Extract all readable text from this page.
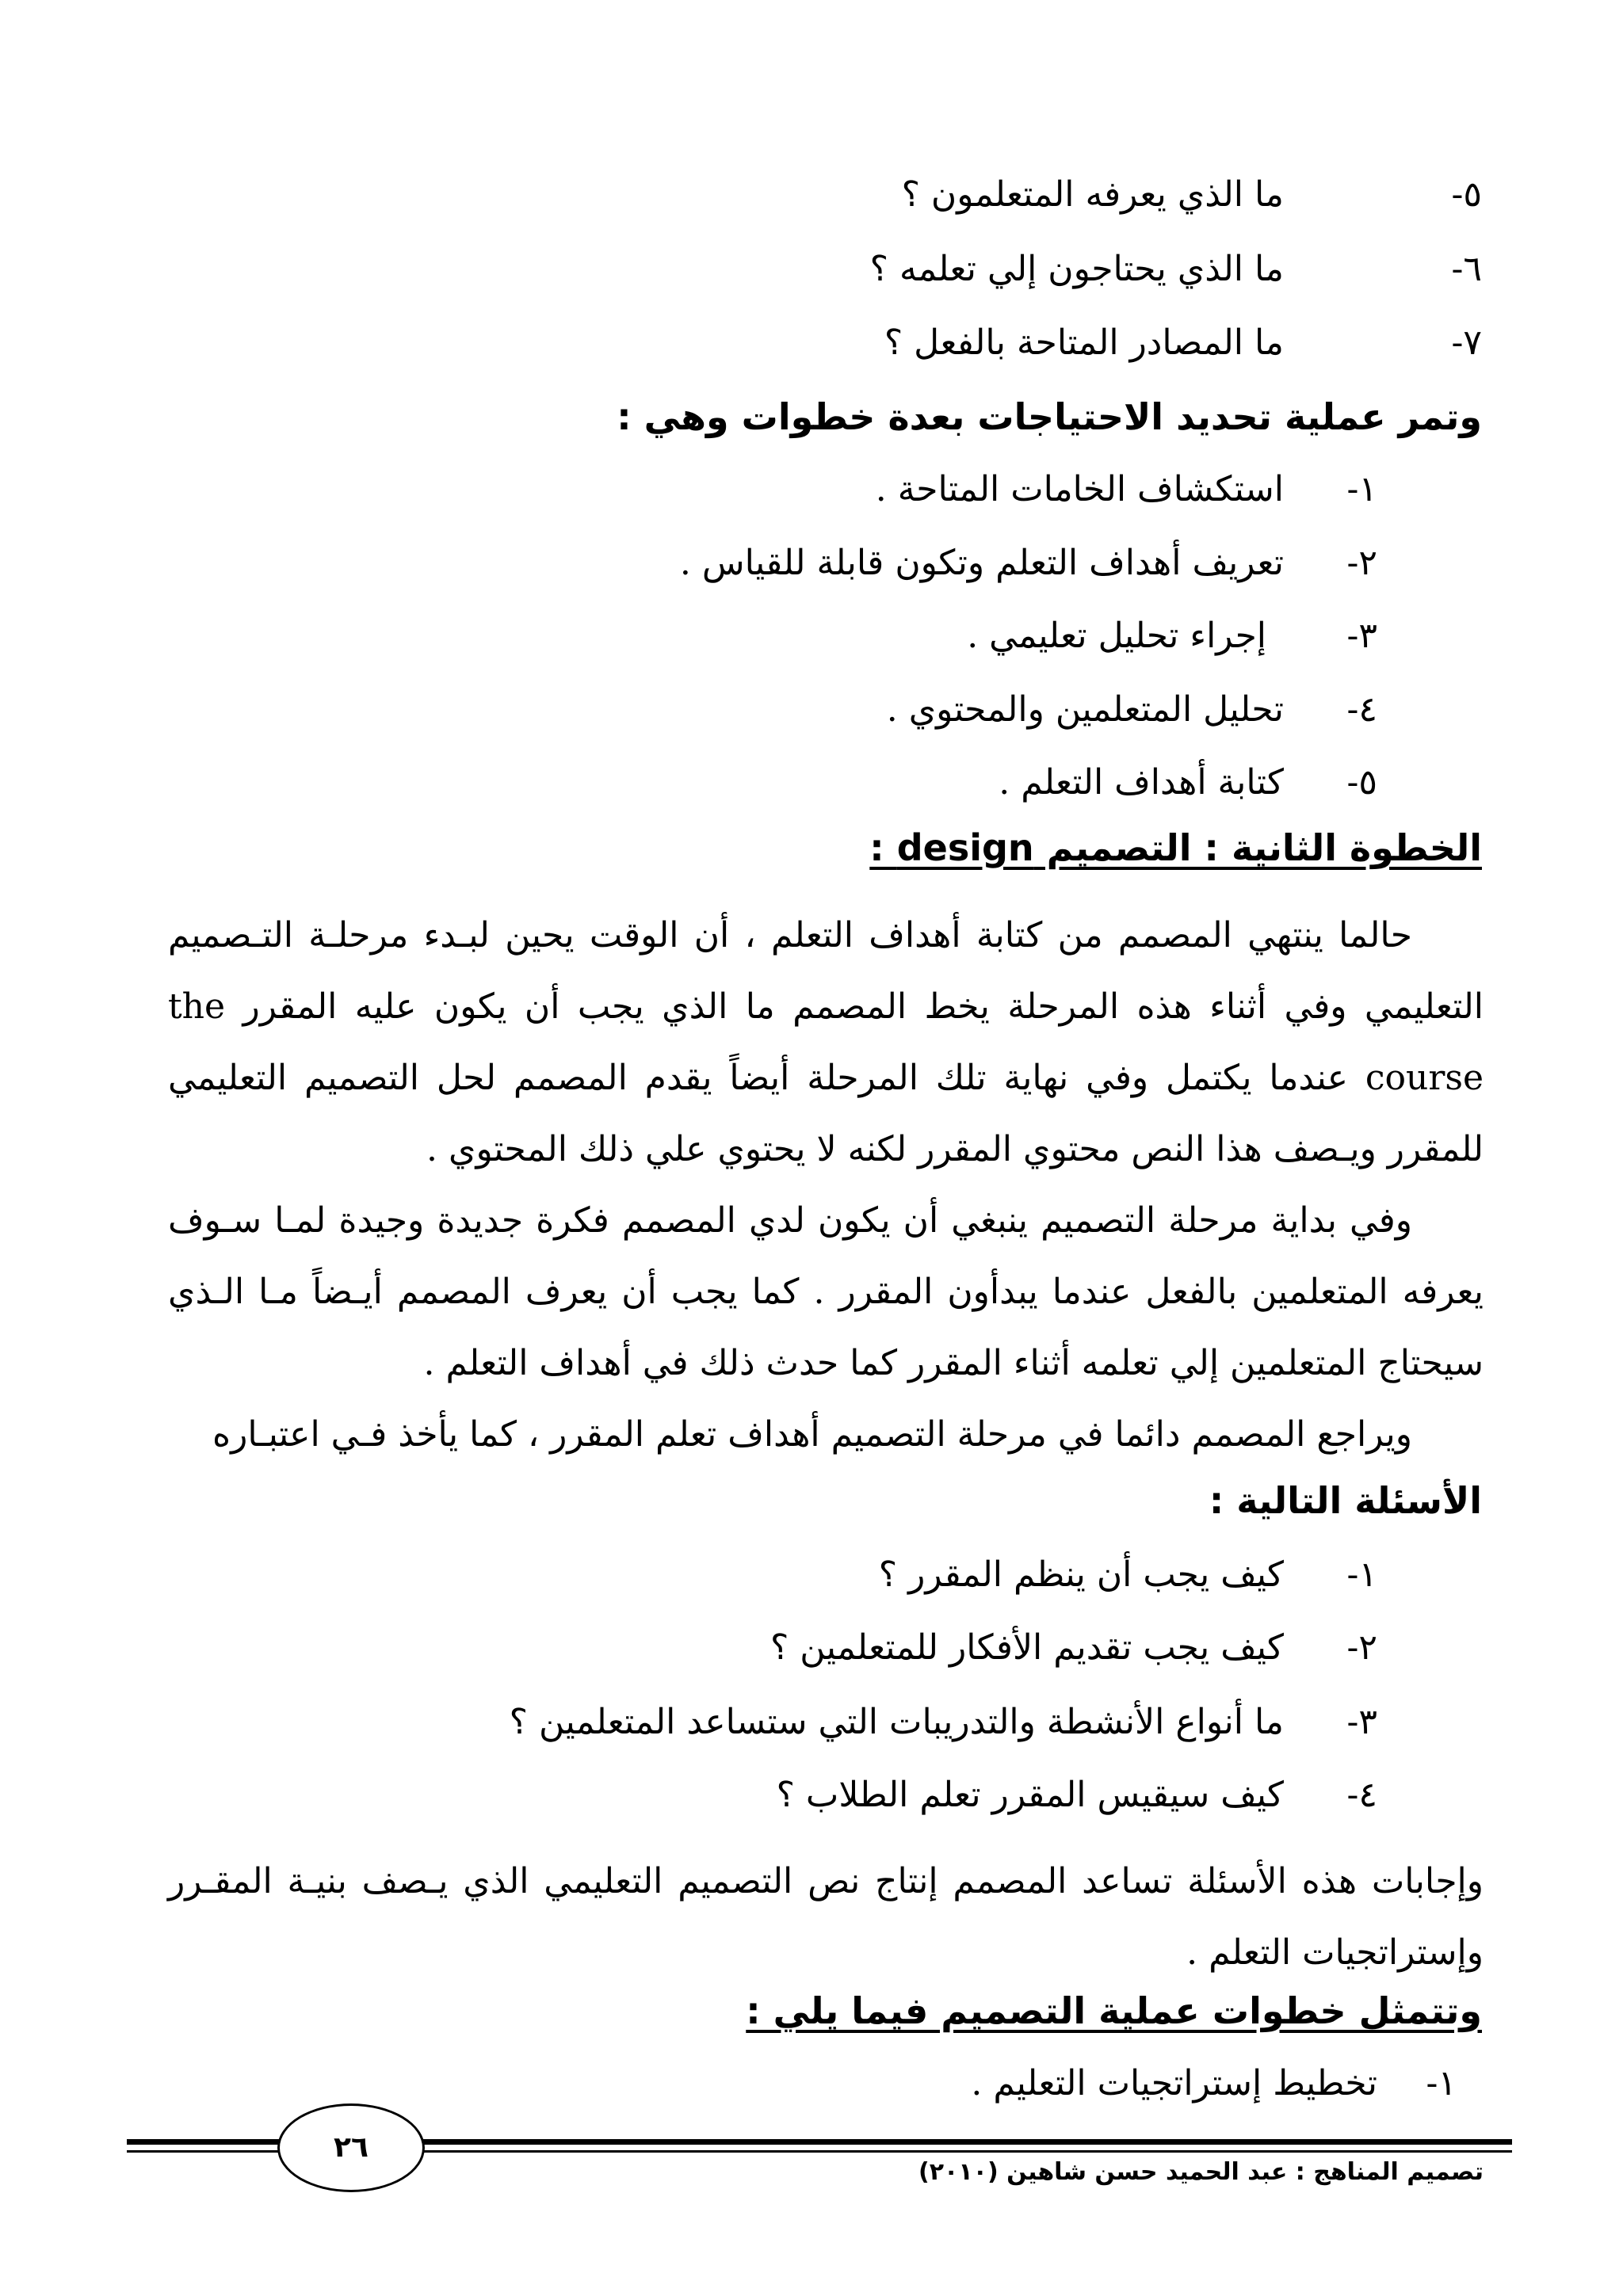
٥-
ما الذي يعرفه المتعلمون ؟
٦-
ما الذي يحتاجون إلي تعلمه ؟
٧-
ما المصادر المتاحة بالفعل ؟
وتمر عملية تحديد الاحتياجات بعدة خطوات وهي :
١-
استكشاف الخامات المتاحة .
٢-
تعريف أهداف التعلم وتكون قابلة للقياس .
٣-
إجراء تحليل تعليمي .
٤-
تحليل المتعلمين والمحتوي .
٥-
كتابة أهداف التعلم .
الخطوة الثانية : التصميم design :
حالما ينتهي المصمم من كتابة أهداف التعلم ، أن الوقت يحين لبـدء مرحلـة التـصميم التعليمي وفي أثناء هذه المرحلة يخط المصمم ما الذي يجب أن يكون عليه المقرر the course عندما يكتمل وفي نهاية تلك المرحلة أيضاً يقدم المصمم لحل التصميم التعليمي للمقرر ويـصف هذا النص محتوي المقرر لكنه لا يحتوي علي ذلك المحتوي .
وفي بداية مرحلة التصميم ينبغي أن يكون لدي المصمم فكرة جديدة وجيدة لمـا سـوف يعرفه المتعلمين بالفعل عندما يبدأون المقرر . كما يجب أن يعرف المصمم أيـضاً مـا الـذي سيحتاج المتعلمين إلي تعلمه أثناء المقرر كما حدث ذلك في أهداف التعلم .
ويراجع المصمم دائما في مرحلة التصميم أهداف تعلم المقرر ، كما يأخذ فـي اعتبـاره
الأسئلة التالية :
١-
كيف يجب أن ينظم المقرر ؟
٢-
كيف يجب تقديم الأفكار للمتعلمين ؟
٣-
ما أنواع الأنشطة والتدريبات التي ستساعد المتعلمين ؟
٤-
كيف سيقيس المقرر تعلم الطلاب ؟
وإجابات هذه الأسئلة تساعد المصمم إنتاج نص التصميم التعليمي الذي يـصف بنيـة المقـرر وإستراتجيات التعلم .
وتتمثل خطوات عملية التصميم فيما يلي :
١-
تخطيط إستراتجيات التعليم .
٢٦
تصميم المناهج : عبد الحميد حسن شاهين (٢٠١٠)
